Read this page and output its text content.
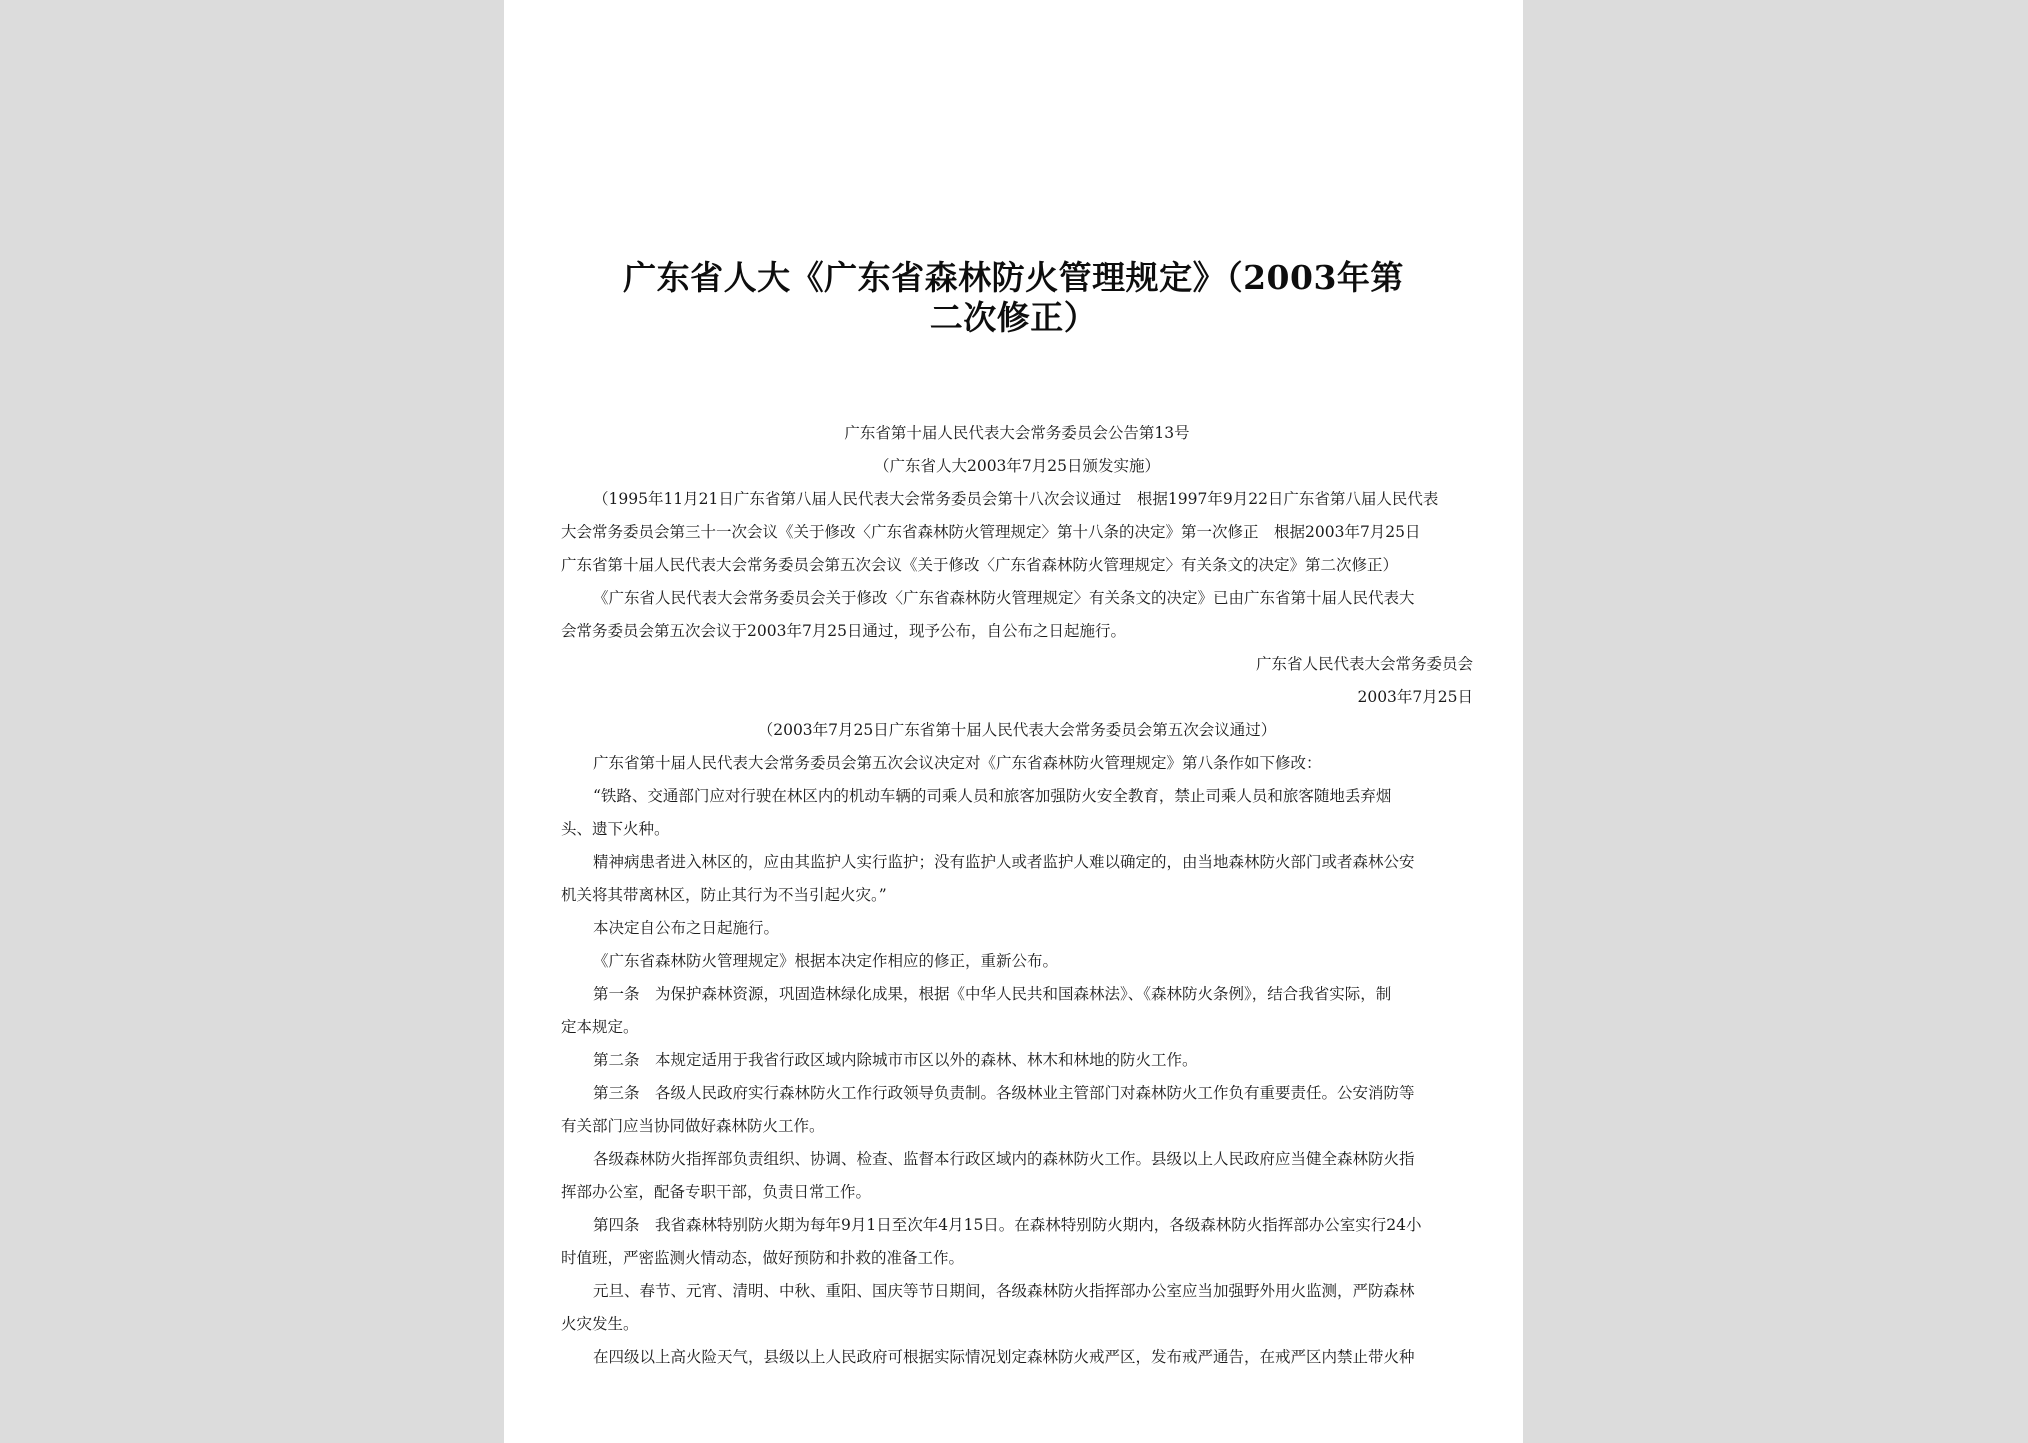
广东省人大《广东省森林防火管理规定》（2003年第
二次修正）

广东省第十届人民代表大会常务委员会公告第13号

（广东省人大2003年7月25日颁发实施）

（1995年11月21日广东省第八届人民代表大会常务委员会第十八次会议通过　根据1997年9月22日广东省第八届人民代表

大会常务委员会第三十一次会议《关于修改〈广东省森林防火管理规定〉第十八条的决定》第一次修正　根据2003年7月25日

广东省第十届人民代表大会常务委员会第五次会议《关于修改〈广东省森林防火管理规定〉有关条文的决定》第二次修正）

《广东省人民代表大会常务委员会关于修改〈广东省森林防火管理规定〉有关条文的决定》已由广东省第十届人民代表大

会常务委员会第五次会议于2003年7月25日通过，现予公布，自公布之日起施行。

广东省人民代表大会常务委员会

2003年7月25日

（2003年7月25日广东省第十届人民代表大会常务委员会第五次会议通过）

广东省第十届人民代表大会常务委员会第五次会议决定对《广东省森林防火管理规定》第八条作如下修改：

“铁路、交通部门应对行驶在林区内的机动车辆的司乘人员和旅客加强防火安全教育，禁止司乘人员和旅客随地丢弃烟

头、遗下火种。

精神病患者进入林区的，应由其监护人实行监护；没有监护人或者监护人难以确定的，由当地森林防火部门或者森林公安

机关将其带离林区，防止其行为不当引起火灾。”

本决定自公布之日起施行。

《广东省森林防火管理规定》根据本决定作相应的修正，重新公布。

第一条　为保护森林资源，巩固造林绿化成果，根据《中华人民共和国森林法》、《森林防火条例》，结合我省实际，制

定本规定。

第二条　本规定适用于我省行政区域内除城市市区以外的森林、林木和林地的防火工作。

第三条　各级人民政府实行森林防火工作行政领导负责制。各级林业主管部门对森林防火工作负有重要责任。公安消防等

有关部门应当协同做好森林防火工作。

各级森林防火指挥部负责组织、协调、检查、监督本行政区域内的森林防火工作。县级以上人民政府应当健全森林防火指

挥部办公室，配备专职干部，负责日常工作。

第四条　我省森林特别防火期为每年9月1日至次年4月15日。在森林特别防火期内，各级森林防火指挥部办公室实行24小

时值班，严密监测火情动态，做好预防和扑救的准备工作。

元旦、春节、元宵、清明、中秋、重阳、国庆等节日期间，各级森林防火指挥部办公室应当加强野外用火监测，严防森林

火灾发生。

在四级以上高火险天气，县级以上人民政府可根据实际情况划定森林防火戒严区，发布戒严通告，在戒严区内禁止带火种
